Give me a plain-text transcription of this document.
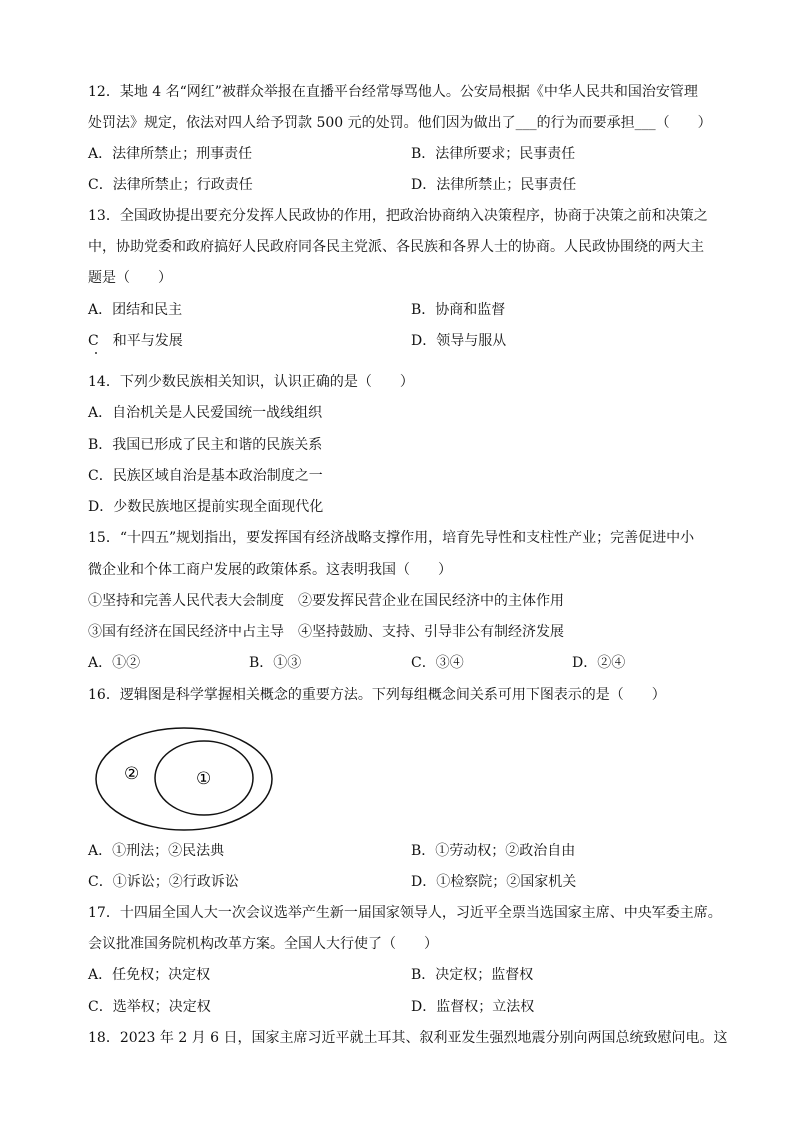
12．某地 4 名“网红”被群众举报在直播平台经常辱骂他人。公安局根据《中华人民共和国治安管理
处罚法》规定，依法对四人给予罚款 500 元的处罚。他们因为做出了___的行为而要承担___（　　）
A．法律所禁止；刑事责任	B．法律所要求；民事责任
C．法律所禁止；行政责任	D．法律所禁止；民事责任
13．全国政协提出要充分发挥人民政协的作用，把政治协商纳入决策程序，协商于决策之前和决策之
中，协助党委和政府搞好人民政府同各民主党派、各民族和各界人士的协商。人民政协围绕的两大主
题是（　　）
A．团结和民主	B．协商和监督
C　和平与发展	D．领导与服从
14．下列少数民族相关知识，认识正确的是（　　）
A．自治机关是人民爱国统一战线组织
B．我国已形成了民主和谐的民族关系
C．民族区域自治是基本政治制度之一
D．少数民族地区提前实现全面现代化
15．“十四五”规划指出，要发挥国有经济战略支撑作用，培育先导性和支柱性产业；完善促进中小
微企业和个体工商户发展的政策体系。这表明我国（　　）
①坚持和完善人民代表大会制度　②要发挥民营企业在国民经济中的主体作用
③国有经济在国民经济中占主导　④坚持鼓励、支持、引导非公有制经济发展
A．①②	B．①③	C．③④	D．②④
16．逻辑图是科学掌握相关概念的重要方法。下列每组概念间关系可用下图表示的是（　　）
②	①
A．①刑法；②民法典	B．①劳动权；②政治自由
C．①诉讼；②行政诉讼	D．①检察院；②国家机关
17．十四届全国人大一次会议选举产生新一届国家领导人，习近平全票当选国家主席、中央军委主席。
会议批准国务院机构改革方案。全国人大行使了（　　）
A．任免权；决定权	B．决定权；监督权
C．选举权；决定权	D．监督权；立法权
18．2023 年 2 月 6 日，国家主席习近平就土耳其、叙利亚发生强烈地震分别向两国总统致慰问电。这
